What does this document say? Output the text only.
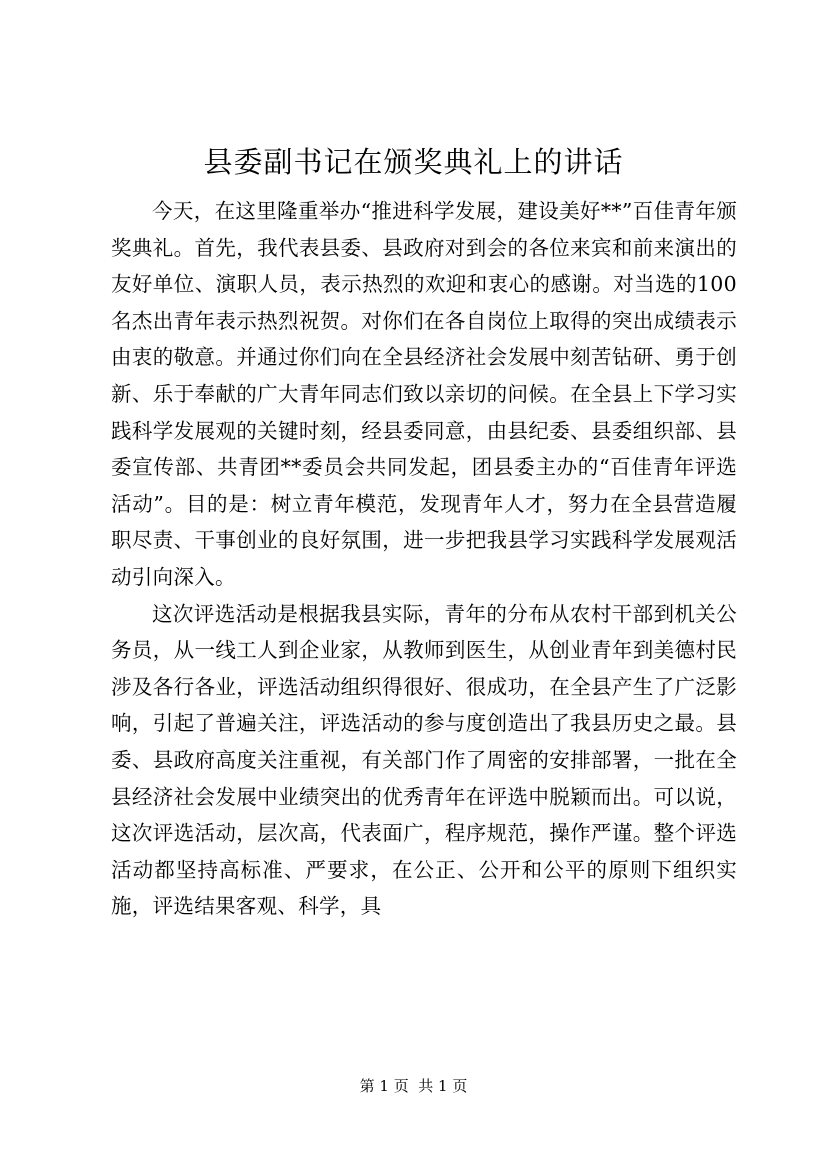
县委副书记在颁奖典礼上的讲话

今天，在这里隆重举办“推进科学发展，建设美好**”百佳青年颁奖典礼。首先，我代表县委、县政府对到会的各位来宾和前来演出的友好单位、演职人员，表示热烈的欢迎和衷心的感谢。对当选的100名杰出青年表示热烈祝贺。对你们在各自岗位上取得的突出成绩表示由衷的敬意。并通过你们向在全县经济社会发展中刻苦钻研、勇于创新、乐于奉献的广大青年同志们致以亲切的问候。在全县上下学习实践科学发展观的关键时刻，经县委同意，由县纪委、县委组织部、县委宣传部、共青团**委员会共同发起，团县委主办的“百佳青年评选活动”。目的是：树立青年模范，发现青年人才，努力在全县营造履职尽责、干事创业的良好氛围，进一步把我县学习实践科学发展观活动引向深入。

这次评选活动是根据我县实际，青年的分布从农村干部到机关公务员，从一线工人到企业家，从教师到医生，从创业青年到美德村民涉及各行各业，评选活动组织得很好、很成功，在全县产生了广泛影响，引起了普遍关注，评选活动的参与度创造出了我县历史之最。县委、县政府高度关注重视，有关部门作了周密的安排部署，一批在全县经济社会发展中业绩突出的优秀青年在评选中脱颖而出。可以说，这次评选活动，层次高，代表面广，程序规范，操作严谨。整个评选活动都坚持高标准、严要求，在公正、公开和公平的原则下组织实施，评选结果客观、科学，具

第 1 页  共 1 页
